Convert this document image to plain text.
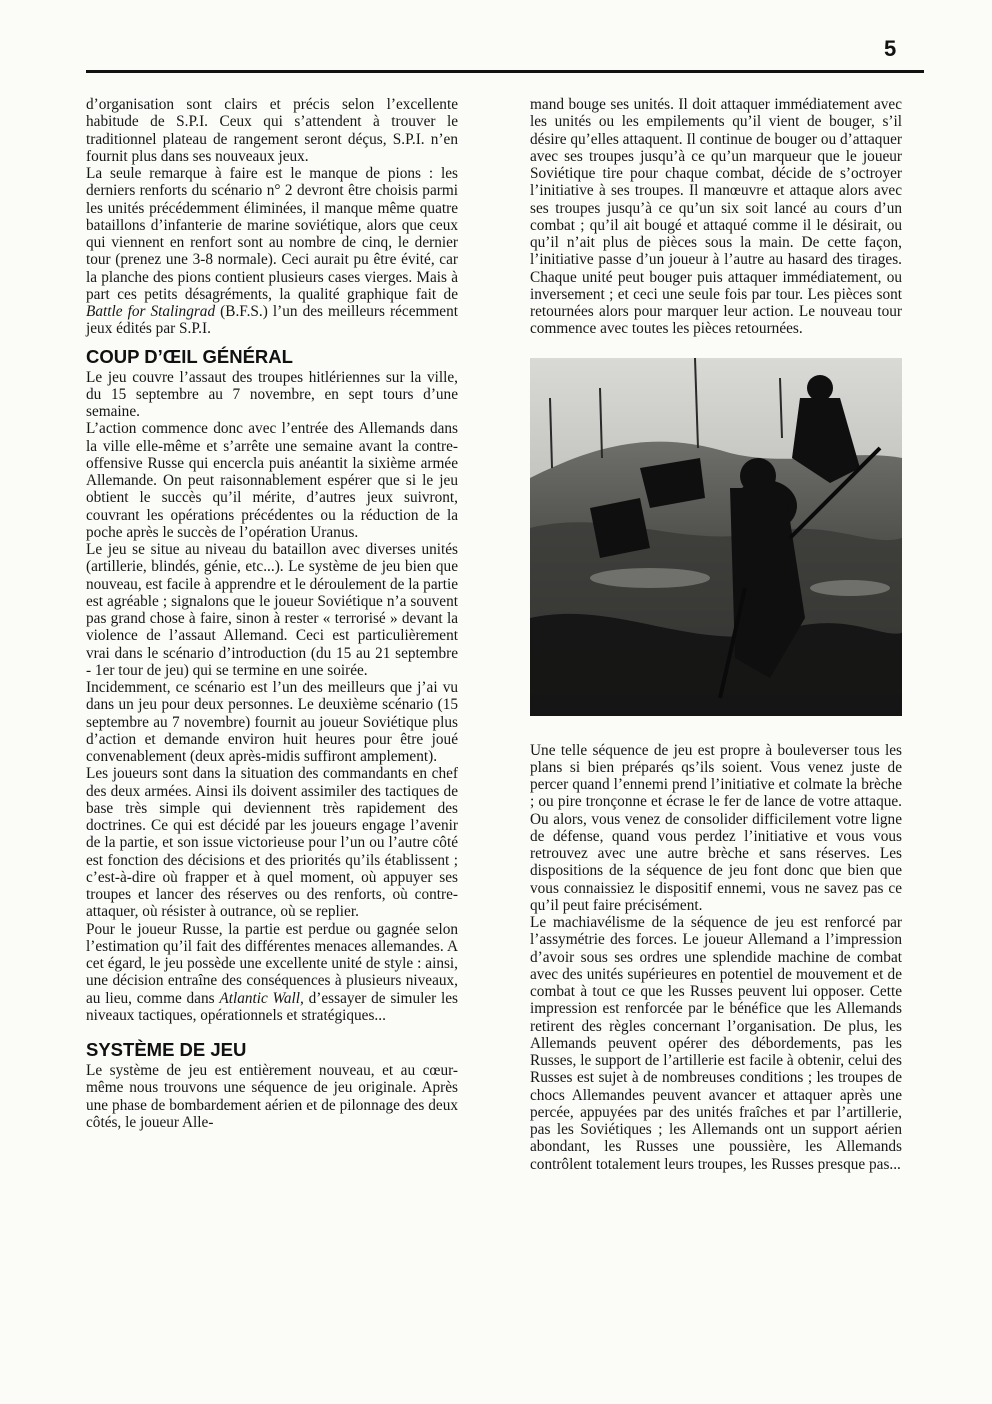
5

d’organisation sont clairs et précis selon l’excellente habitude de S.P.I. Ceux qui s’attendent à trouver le traditionnel plateau de rangement seront déçus, S.P.I. n’en fournit plus dans ses nouveaux jeux.

La seule remarque à faire est le manque de pions : les derniers renforts du scénario n° 2 devront être choisis parmi les unités précédemment éliminées, il manque même quatre bataillons d’infanterie de marine soviétique, alors que ceux qui viennent en renfort sont au nombre de cinq, le dernier tour (prenez une 3-8 normale). Ceci aurait pu être évité, car la planche des pions contient plusieurs cases vierges. Mais à part ces petits désagréments, la qualité graphique fait de Battle for Stalingrad (B.F.S.) l’un des meilleurs récemment jeux édités par S.P.I.

COUP D’ŒIL GÉNÉRAL

Le jeu couvre l’assaut des troupes hitlériennes sur la ville, du 15 septembre au 7 novembre, en sept tours d’une semaine.

L’action commence donc avec l’entrée des Allemands dans la ville elle-même et s’arrête une semaine avant la contre-offensive Russe qui encercla puis anéantit la sixième armée Allemande. On peut raisonnablement espérer que si le jeu obtient le succès qu’il mérite, d’autres jeux suivront, couvrant les opérations précédentes ou la réduction de la poche après le succès de l’opération Uranus.

Le jeu se situe au niveau du bataillon avec diverses unités (artillerie, blindés, génie, etc...). Le système de jeu bien que nouveau, est facile à apprendre et le déroulement de la partie est agréable ; signalons que le joueur Soviétique n’a souvent pas grand chose à faire, sinon à rester « terrorisé » devant la violence de l’assaut Allemand. Ceci est particulièrement vrai dans le scénario d’introduction (du 15 au 21 septembre - 1er tour de jeu) qui se termine en une soirée.

Incidemment, ce scénario est l’un des meilleurs que j’ai vu dans un jeu pour deux personnes. Le deuxième scénario (15 septembre au 7 novembre) fournit au joueur Soviétique plus d’action et demande environ huit heures pour être joué convenablement (deux après-midis suffiront amplement).

Les joueurs sont dans la situation des commandants en chef des deux armées. Ainsi ils doivent assimiler des tactiques de base très simple qui deviennent très rapidement des doctrines. Ce qui est décidé par les joueurs engage l’avenir de la partie, et son issue victorieuse pour l’un ou l’autre côté est fonction des décisions et des priorités qu’ils établissent ; c’est-à-dire où frapper et à quel moment, où appuyer ses troupes et lancer des réserves ou des renforts, où contre-attaquer, où résister à outrance, où se replier.

Pour le joueur Russe, la partie est perdue ou gagnée selon l’estimation qu’il fait des différentes menaces allemandes. A cet égard, le jeu possède une excellente unité de style : ainsi, une décision entraîne des conséquences à plusieurs niveaux, au lieu, comme dans Atlantic Wall, d’essayer de simuler les niveaux tactiques, opérationnels et stratégiques...

SYSTÈME DE JEU

Le système de jeu est entièrement nouveau, et au cœur-même nous trouvons une séquence de jeu originale. Après une phase de bombardement aérien et de pilonnage des deux côtés, le joueur Alle-

mand bouge ses unités. Il doit attaquer immédiatement avec les unités ou les empilements qu’il vient de bouger, s’il désire qu’elles attaquent. Il continue de bouger ou d’attaquer avec ses troupes jusqu’à ce qu’un marqueur que le joueur Soviétique tire pour chaque combat, décide de s’octroyer l’initiative à ses troupes. Il manœuvre et attaque alors avec ses troupes jusqu’à ce qu’un six soit lancé au cours d’un combat ; qu’il ait bougé et attaqué comme il le désirait, ou qu’il n’ait plus de pièces sous la main. De cette façon, l’initiative passe d’un joueur à l’autre au hasard des tirages. Chaque unité peut bouger puis attaquer immédiatement, ou inversement ; et ceci une seule fois par tour. Les pièces sont retournées alors pour marquer leur action. Le nouveau tour commence avec toutes les pièces retournées.

Une telle séquence de jeu est propre à bouleverser tous les plans si bien préparés qs’ils soient. Vous venez juste de percer quand l’ennemi prend l’initiative et colmate la brèche ; ou pire tronçonne et écrase le fer de lance de votre attaque. Ou alors, vous venez de consolider difficilement votre ligne de défense, quand vous perdez l’initiative et vous vous retrouvez avec une autre brèche et sans réserves. Les dispositions de la séquence de jeu font donc que bien que vous connaissiez le dispositif ennemi, vous ne savez pas ce qu’il peut faire précisément.

Le machiavélisme de la séquence de jeu est renforcé par l’assymétrie des forces. Le joueur Allemand a l’impression d’avoir sous ses ordres une splendide machine de combat avec des unités supérieures en potentiel de mouvement et de combat à tout ce que les Russes peuvent lui opposer. Cette impression est renforcée par le bénéfice que les Allemands retirent des règles concernant l’organisation. De plus, les Allemands peuvent opérer des débordements, pas les Russes, le support de l’artillerie est facile à obtenir, celui des Russes est sujet à de nombreuses conditions ; les troupes de chocs Allemandes peuvent avancer et attaquer après une percée, appuyées par des unités fraîches et par l’artillerie, pas les Soviétiques ; les Allemands ont un support aérien abondant, les Russes une poussière, les Allemands contrôlent totalement leurs troupes, les Russes presque pas...
